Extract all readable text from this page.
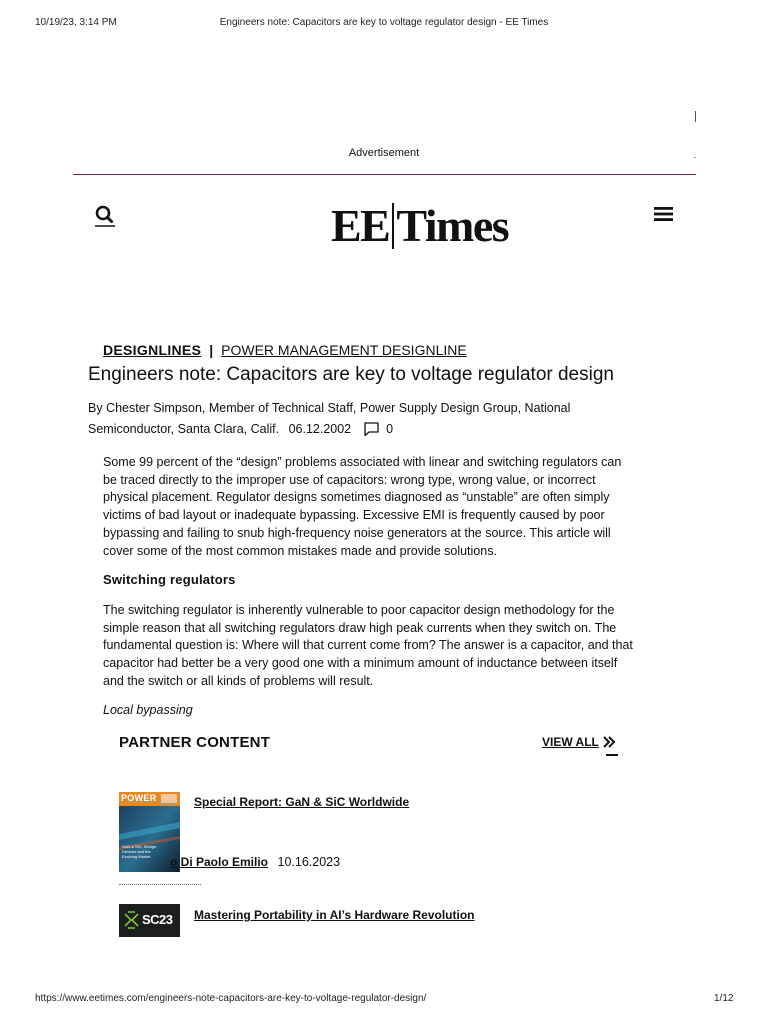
10/19/23, 3:14 PM	Engineers note: Capacitors are key to voltage regulator design - EE Times
Advertisement
EE Times
DESIGNLINES | POWER MANAGEMENT DESIGNLINE
Engineers note: Capacitors are key to voltage regulator design
By Chester Simpson, Member of Technical Staff, Power Supply Design Group, National
Semiconductor, Santa Clara, Calif. 06.12.2002	0

Some 99 percent of the “design” problems associated with linear and switching regulators can be traced directly to the improper use of capacitors: wrong type, wrong value, or incorrect physical placement. Regulator designs sometimes diagnosed as “unstable” are often simply victims of bad layout or inadequate bypassing. Excessive EMI is frequently caused by poor bypassing and failing to snub high-frequency noise generators at the source. This article will cover some of the most common mistakes made and provide solutions.

Switching regulators

The switching regulator is inherently vulnerable to poor capacitor design methodology for the simple reason that all switching regulators draw high peak currents when they switch on. The fundamental question is: Where will that current come from? The answer is a capacitor, and that capacitor had better be a very good one with a minimum amount of inductance between itself and the switch or all kinds of problems will result.

Local bypassing
PARTNER CONTENT	VIEW ALL
POWER
GaN & SiC: Design, Devices and the Evolving Market
Special Report: GaN & SiC Worldwide
o Di Paolo Emilio 10.16.2023
SC23 Mastering Portability in AI’s Hardware Revolution
https://www.eetimes.com/engineers-note-capacitors-are-key-to-voltage-regulator-design/	1/12
